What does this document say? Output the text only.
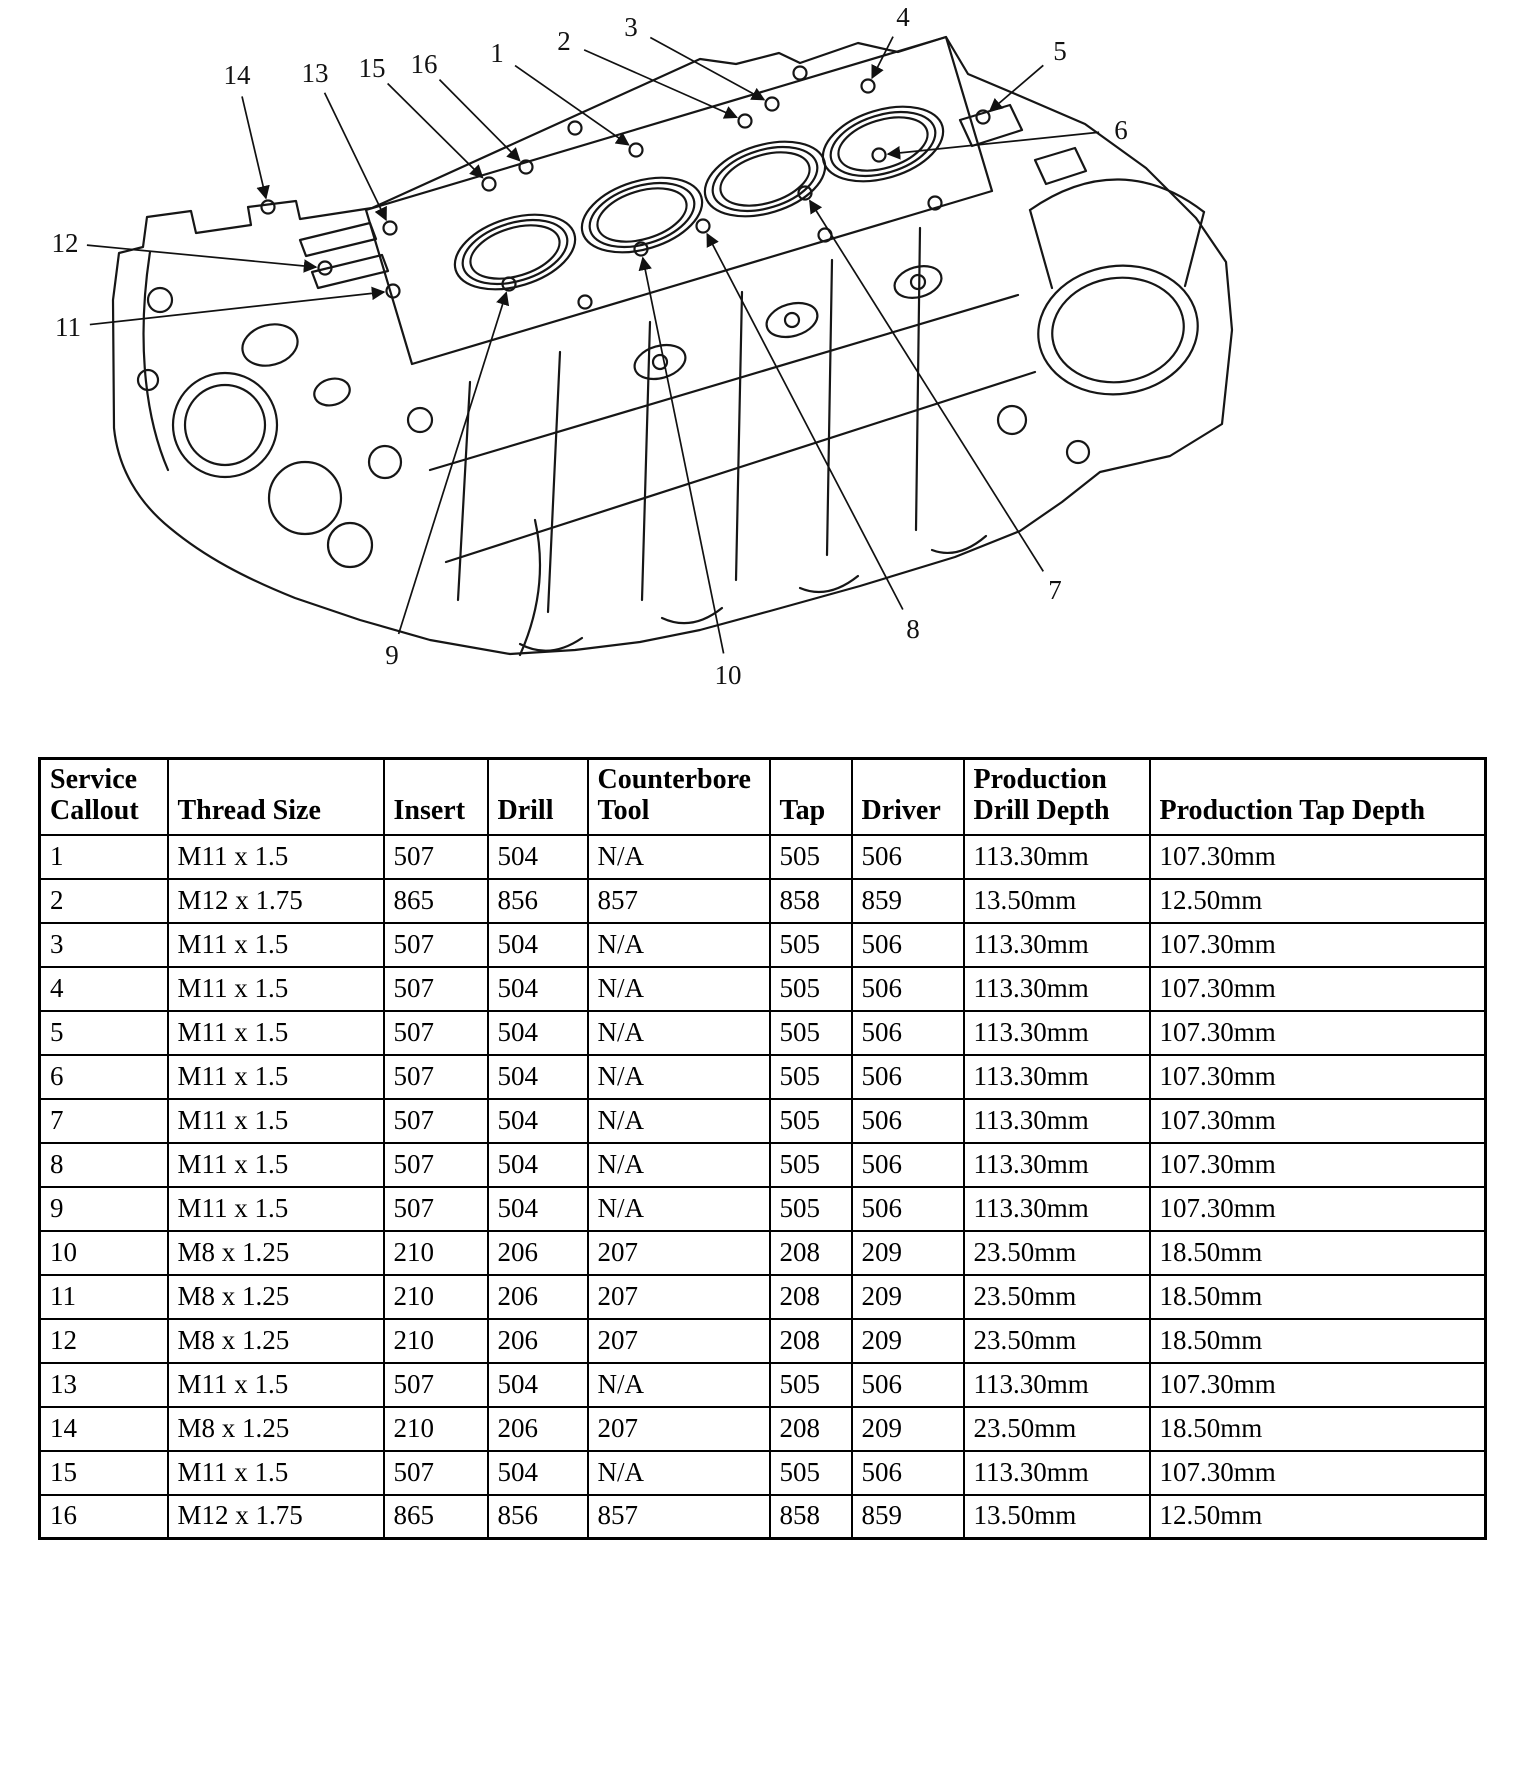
1 2 3	4
5
6
7
8
9
10
11
12
13
14	15 16
Service Callout	Thread Size	Insert	Drill	Counterbore Tool	Tap	Driver	Production Drill Depth	Production Tap Depth
1	M11 x 1.5	507	504	N/A	505	506	113.30mm	107.30mm
2	M12 x 1.75	865	856	857	858	859	13.50mm	12.50mm
3	M11 x 1.5	507	504	N/A	505	506	113.30mm	107.30mm
4	M11 x 1.5	507	504	N/A	505	506	113.30mm	107.30mm
5	M11 x 1.5	507	504	N/A	505	506	113.30mm	107.30mm
6	M11 x 1.5	507	504	N/A	505	506	113.30mm	107.30mm
7	M11 x 1.5	507	504	N/A	505	506	113.30mm	107.30mm
8	M11 x 1.5	507	504	N/A	505	506	113.30mm	107.30mm
9	M11 x 1.5	507	504	N/A	505	506	113.30mm	107.30mm
10	M8 x 1.25	210	206	207	208	209	23.50mm	18.50mm
11	M8 x 1.25	210	206	207	208	209	23.50mm	18.50mm
12	M8 x 1.25	210	206	207	208	209	23.50mm	18.50mm
13	M11 x 1.5	507	504	N/A	505	506	113.30mm	107.30mm
14	M8 x 1.25	210	206	207	208	209	23.50mm	18.50mm
15	M11 x 1.5	507	504	N/A	505	506	113.30mm	107.30mm
16	M12 x 1.75	865	856	857	858	859	13.50mm	12.50mm
